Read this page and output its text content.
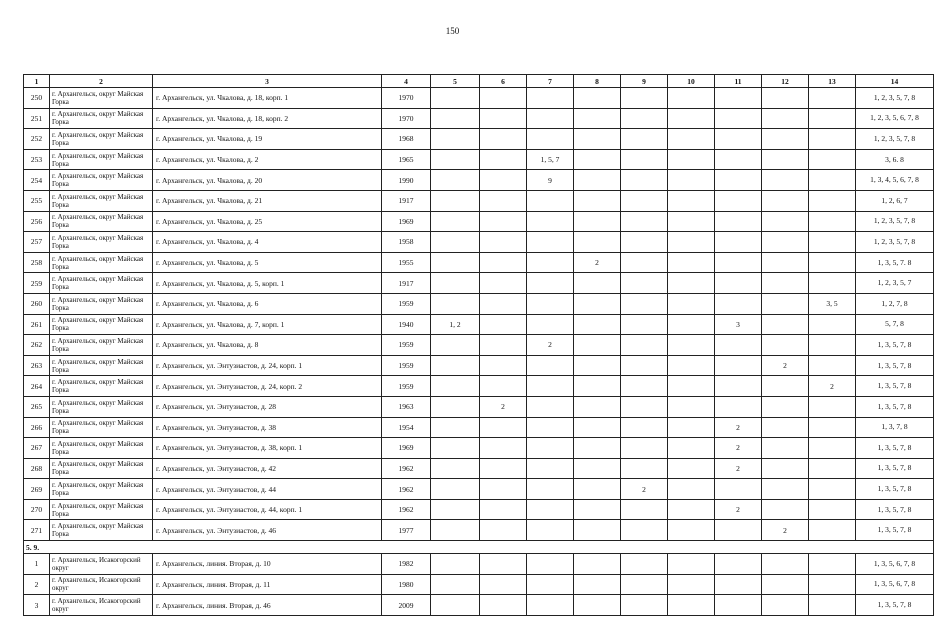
150
1	2	3	4	5	6	7	8	9	10	11	12	13	14
250	г. Архангельск, округ Майская Горка	г. Архангельск, ул. Чкалова, д. 18, корп. 1	1970										1, 2, 3, 5, 7, 8
251	г. Архангельск, округ Майская Горка	г. Архангельск, ул. Чкалова, д. 18, корп. 2	1970										1, 2, 3, 5, 6, 7, 8
252	г. Архангельск, округ Майская Горка	г. Архангельск, ул. Чкалова, д. 19	1968										1, 2, 3, 5, 7, 8
253	г. Архангельск, округ Майская Горка	г. Архангельск, ул. Чкалова, д. 2	1965			1, 5, 7							3, 6. 8
254	г. Архангельск, округ Майская Горка	г. Архангельск, ул. Чкалова, д. 20	1990			9							1, 3, 4, 5, 6, 7, 8
255	г. Архангельск, округ Майская Горка	г. Архангельск, ул. Чкалова, д. 21	1917										1, 2, 6, 7
256	г. Архангельск, округ Майская Горка	г. Архангельск, ул. Чкалова, д. 25	1969										1, 2, 3, 5, 7, 8
257	г. Архангельск, округ Майская Горка	г. Архангельск, ул. Чкалова, д. 4	1958										1, 2, 3, 5, 7, 8
258	г. Архангельск, округ Майская Горка	г. Архангельск, ул. Чкалова, д. 5	1955				2						1, 3, 5, 7. 8
259	г. Архангельск, округ Майская Горка	г. Архангельск, ул. Чкалова, д. 5, корп. 1	1917										1, 2, 3, 5, 7
260	г. Архангельск, округ Майская Горка	г. Архангельск, ул. Чкалова, д. 6	1959									3, 5	1, 2, 7, 8
261	г. Архангельск, округ Майская Горка	г. Архангельск, ул. Чкалова, д. 7, корп. 1	1940	1, 2						3			5, 7, 8
262	г. Архангельск, округ Майская Горка	г. Архангельск, ул. Чкалова, д. 8	1959			2							1, 3, 5, 7, 8
263	г. Архангельск, округ Майская Горка	г. Архангельск, ул. Энтузиастов, д. 24, корп. 1	1959								2		1, 3, 5, 7, 8
264	г. Архангельск, округ Майская Горка	г. Архангельск, ул. Энтузиастов, д. 24, корп. 2	1959									2	1, 3, 5, 7, 8
265	г. Архангельск, округ Майская Горка	г. Архангельск, ул. Энтузиастов, д. 28	1963		2								1, 3, 5, 7, 8
266	г. Архангельск, округ Майская Горка	г. Архангельск, ул. Энтузиастов, д. 38	1954							2			1, 3, 7, 8
267	г. Архангельск, округ Майская Горка	г. Архангельск, ул. Энтузиастов, д. 38, корп. 1	1969							2			1, 3, 5, 7, 8
268	г. Архангельск, округ Майская Горка	г. Архангельск, ул. Энтузиастов, д. 42	1962							2			1, 3, 5, 7, 8
269	г. Архангельск, округ Майская Горка	г. Архангельск, ул. Энтузиастов, д. 44	1962					2					1, 3, 5, 7, 8
270	г. Архангельск, округ Майская Горка	г. Архангельск, ул. Энтузиастов, д. 44, корп. 1	1962							2			1, 3, 5, 7, 8
271	г. Архангельск, округ Майская Горка	г. Архангельск, ул. Энтузиастов, д. 46	1977								2		1, 3, 5, 7, 8
5. 9.													
1	г. Архангельск, Исакогорский округ	г. Архангельск, линия. Вторая, д. 10	1982										1, 3, 5, 6, 7, 8
2	г. Архангельск, Исакогорский округ	г. Архангельск, линия. Вторая, д. 11	1980										1, 3, 5, 6, 7, 8
3	г. Архангельск, Исакогорский округ	г. Архангельск, линия. Вторая, д. 46	2009										1, 3, 5, 7, 8
